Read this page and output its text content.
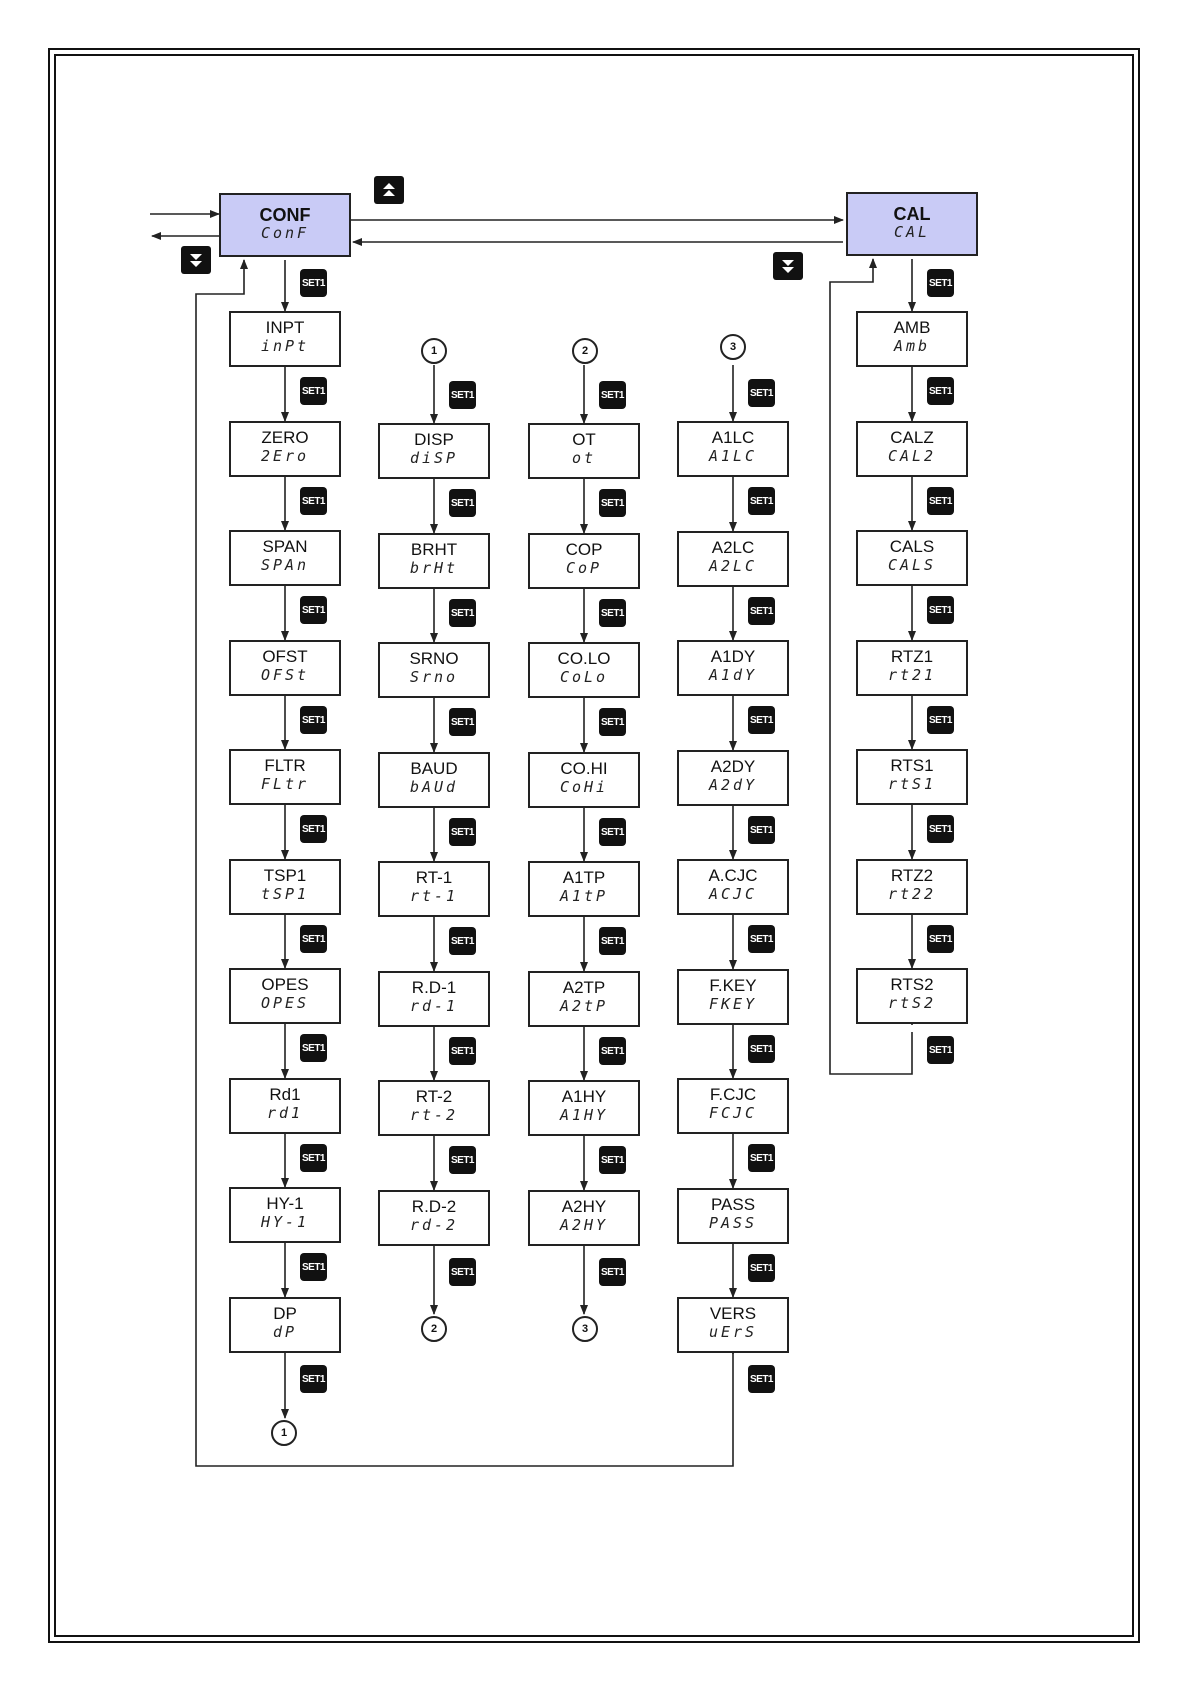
CONF
ConF
CAL
CAL
1	2	3
1
2	3
SET1
INPT
inPt
SET1
ZERO
2Ero
SET1
SPAN
SPAn
SET1
OFST
OFSt
SET1
FLTR
FLtr
SET1
TSP1
tSP1
SET1
OPES
OPES
SET1
Rd1
rd1
SET1
HY-1
HY-1
SET1
DP
dP
SET1
SET1
DISP
diSP
SET1
BRHT
brHt
SET1
SRNO
Srno
SET1
BAUD
bAUd
SET1
RT-1
rt-1
SET1
R.D-1
rd-1
SET1
RT-2
rt-2
SET1
R.D-2
rd-2
SET1
SET1
OT
ot
SET1
COP
CoP
SET1
CO.LO
CoLo
SET1
CO.HI
CoHi
SET1
A1TP
A1tP
SET1
A2TP
A2tP
SET1
A1HY
A1HY
SET1
A2HY
A2HY
SET1
SET1
A1LC
A1LC
SET1
A2LC
A2LC
SET1
A1DY
A1dY
SET1
A2DY
A2dY
SET1
A.CJC
ACJC
SET1
F.KEY
FKEY
SET1
F.CJC
FCJC
SET1
PASS
PASS
SET1
VERS
uErS
SET1
SET1
AMB
Amb
SET1
CALZ
CAL2
SET1
CALS
CALS
SET1
RTZ1
rt21
SET1
RTS1
rtS1
SET1
RTZ2
rt22
SET1
RTS2
rtS2
SET1
